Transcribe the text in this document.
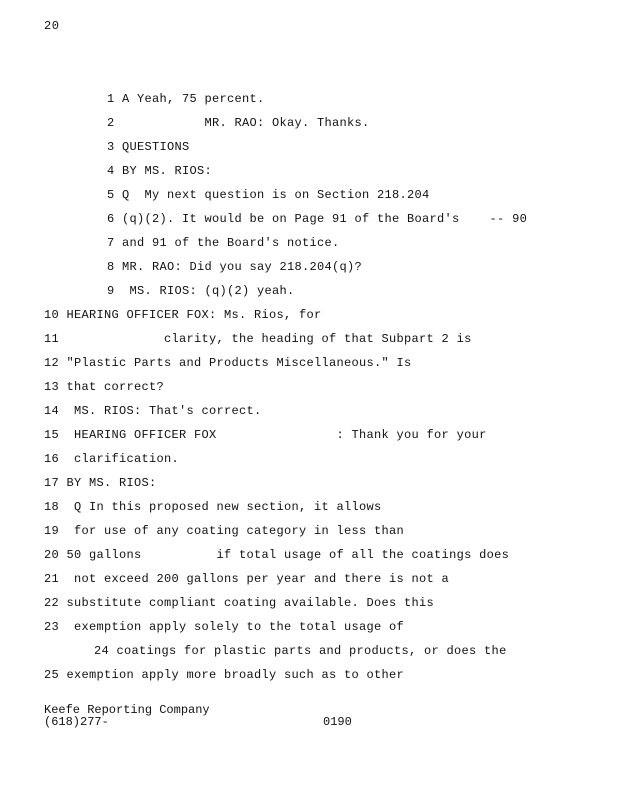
20
1 A Yeah, 75 percent.
2            MR. RAO: Okay. Thanks.
3 QUESTIONS
4 BY MS. RIOS:
5 Q  My next question is on Section 218.204
6 (q)(2). It would be on Page 91 of the Board's    -- 90
7 and 91 of the Board's notice.
8 MR. RAO: Did you say 218.204(q)?
9  MS. RIOS: (q)(2) yeah.
10 HEARING OFFICER FOX: Ms. Rios, for
11              clarity, the heading of that Subpart 2 is
12 "Plastic Parts and Products Miscellaneous." Is
13 that correct?
14  MS. RIOS: That's correct.
15  HEARING OFFICER FOX                : Thank you for your
16  clarification.
17 BY MS. RIOS:
18  Q In this proposed new section, it allows
19  for use of any coating category in less than
20 50 gallons          if total usage of all the coatings does
21  not exceed 200 gallons per year and there is not a
22 substitute compliant coating available. Does this
23  exemption apply solely to the total usage of
24 coatings for plastic parts and products, or does the
25 exemption apply more broadly such as to other
Keefe Reporting Company
(618)277-	0190
